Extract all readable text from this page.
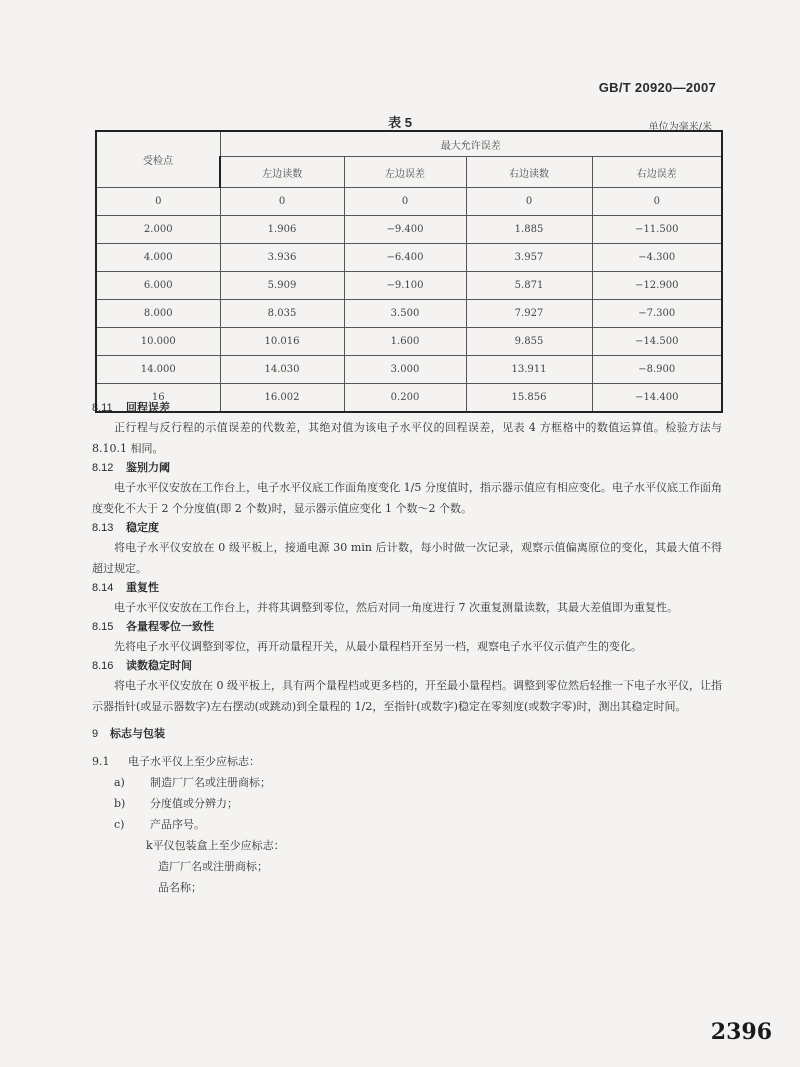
GB/T 20920—2007
表 5	单位为毫米/米
受检点	最大允许误差			
	左边读数	左边误差	右边读数	右边误差
0	0	0	0	0
2.000	1.906	−9.400	1.885	−11.500
4.000	3.936	−6.400	3.957	−4.300
6.000	5.909	−9.100	5.871	−12.900
8.000	8.035	3.500	7.927	−7.300
10.000	10.016	1.600	9.855	−14.500
14.000	14.030	3.000	13.911	−8.900
16	16.002	0.200	15.856	−14.400

8.11 回程误差

正行程与反行程的示值误差的代数差，其绝对值为该电子水平仪的回程误差，见表 4 方框格中的数值运算值。检验方法与 8.10.1 相同。

8.12 鉴别力阈

电子水平仪安放在工作台上，电子水平仪底工作面角度变化 1/5 分度值时，指示器示值应有相应变化。电子水平仪底工作面角度变化不大于 2 个分度值(即 2 个数)时，显示器示值应变化 1 个数～2 个数。

8.13 稳定度

将电子水平仪安放在 0 级平板上，接通电源 30 min 后计数，每小时做一次记录，观察示值偏离原位的变化，其最大值不得超过规定。

8.14 重复性

电子水平仪安放在工作台上，并将其调整到零位，然后对同一角度进行 7 次重复测量读数，其最大差值即为重复性。

8.15 各量程零位一致性

先将电子水平仪调整到零位，再开动量程开关，从最小量程档开至另一档，观察电子水平仪示值产生的变化。

8.16 读数稳定时间

将电子水平仪安放在 0 级平板上，具有两个量程档或更多档的，开至最小量程档。调整到零位然后轻推一下电子水平仪，让指示器指针(或显示器数字)左右摆动(或跳动)到全量程的 1/2，至指针(或数字)稳定在零刻度(或数字零)时，测出其稳定时间。

9 标志与包装

9.1 电子水平仪上至少应标志：

a) 制造厂厂名或注册商标；

b) 分度值或分辨力；

c) 产品序号。

k平仪包装盒上至少应标志：

造厂厂名或注册商标；

品名称；

2396
